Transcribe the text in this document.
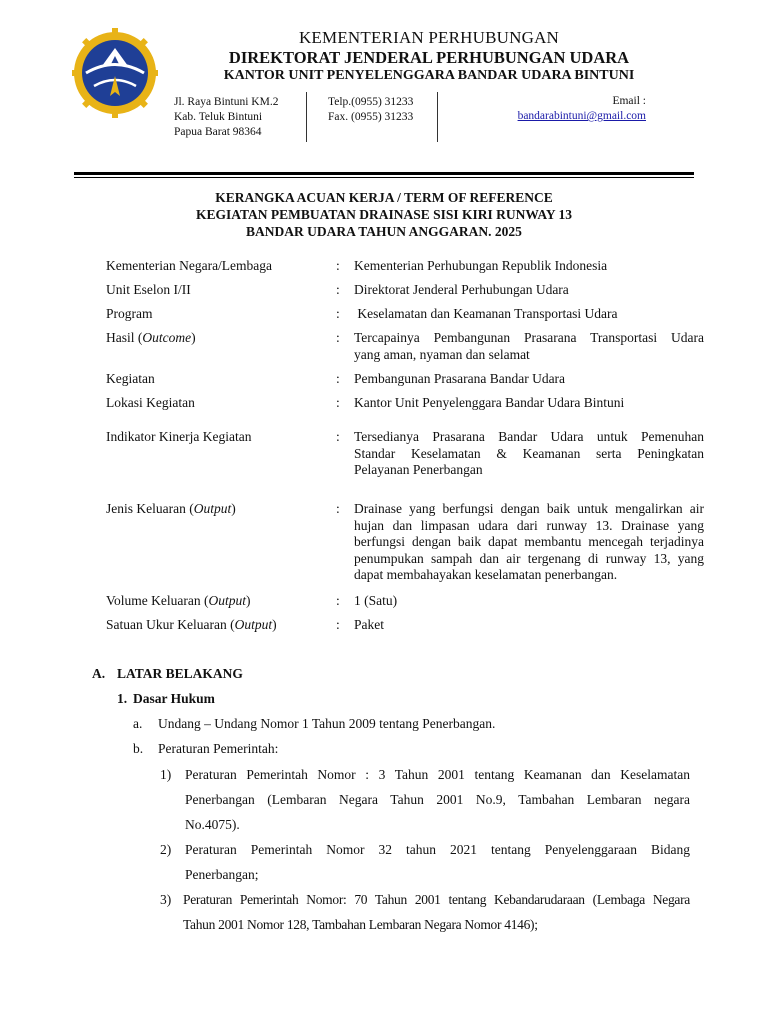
KEMENTERIAN PERHUBUNGAN
DIREKTORAT JENDERAL PERHUBUNGAN UDARA
KANTOR UNIT PENYELENGGARA BANDAR UDARA BINTUNI
Jl. Raya Bintuni KM.2
Kab. Teluk Bintuni
Papua Barat 98364
Telp.(0955) 31233
Fax. (0955) 31233
Email :
bandarabintuni@gmail.com
KERANGKA ACUAN KERJA / TERM OF REFERENCE
KEGIATAN PEMBUATAN DRAINASE SISI KIRI RUNWAY 13
BANDAR UDARA TAHUN ANGGARAN. 2025
Kementerian Negara/Lembaga	: Kementerian Perhubungan Republik Indonesia
Unit Eselon I/II	: Direktorat Jenderal Perhubungan Udara
Program	: Keselamatan dan Keamanan Transportasi Udara
Hasil (Outcome)	: Tercapainya Pembangunan Prasarana Transportasi Udara
yang aman, nyaman dan selamat
Kegiatan	: Pembangunan Prasarana Bandar Udara
Lokasi Kegiatan	: Kantor Unit Penyelenggara Bandar Udara Bintuni
Indikator Kinerja Kegiatan	: Tersedianya Prasarana Bandar Udara untuk Pemenuhan
Standar Keselamatan & Keamanan serta Peningkatan
Pelayanan Penerbangan
Jenis Keluaran (Output)	: Drainase yang berfungsi dengan baik untuk mengalirkan air
hujan dan limpasan udara dari runway 13. Drainase yang
berfungsi dengan baik dapat membantu mencegah terjadinya
penumpukan sampah dan air tergenang di runway 13, yang
dapat membahayakan keselamatan penerbangan.
Volume Keluaran (Output)	: 1 (Satu)
Satuan Ukur Keluaran (Output)	: Paket
A. LATAR BELAKANG
1. Dasar Hukum
a. Undang – Undang Nomor 1 Tahun 2009 tentang Penerbangan.
b. Peraturan Pemerintah:
1) Peraturan Pemerintah Nomor : 3 Tahun 2001 tentang Keamanan dan Keselamatan
Penerbangan (Lembaran Negara Tahun 2001 No.9, Tambahan Lembaran negara
No.4075).
2) Peraturan Pemerintah Nomor 32 tahun 2021 tentang Penyelenggaraan Bidang
Penerbangan;
3) Peraturan Pemerintah Nomor: 70 Tahun 2001 tentang Kebandarudaraan (Lembaga Negara
Tahun 2001 Nomor 128, Tambahan Lembaran Negara Nomor 4146);
